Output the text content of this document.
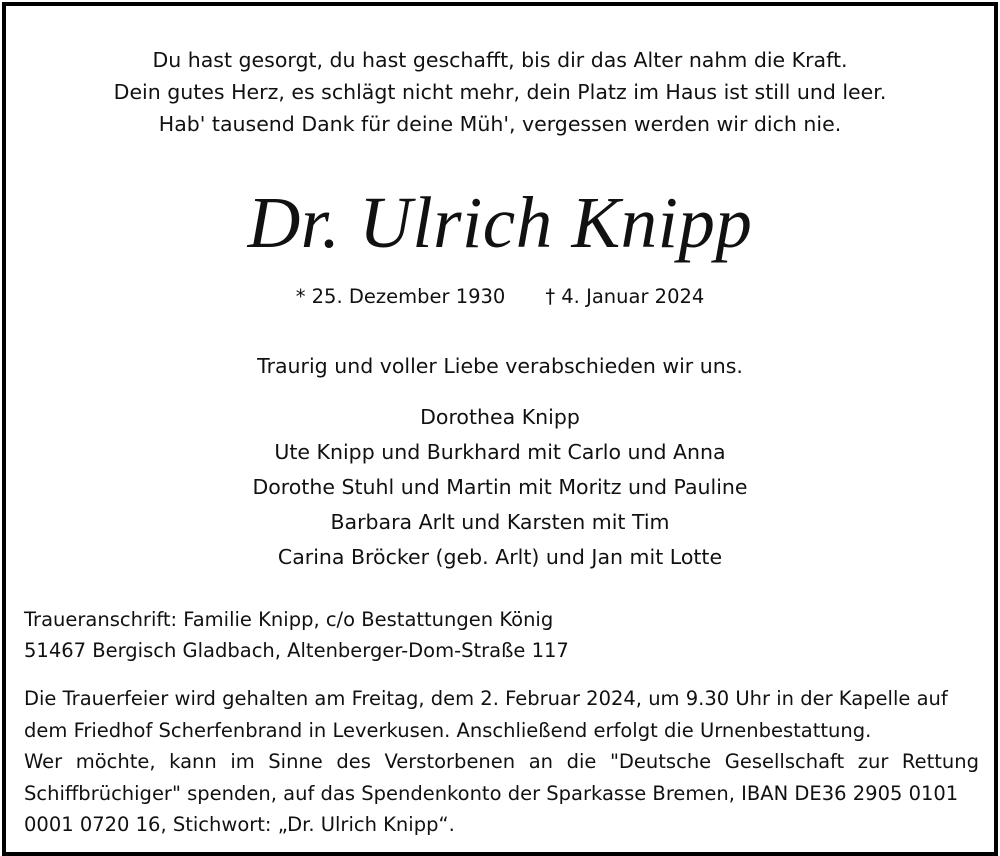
Du hast gesorgt, du hast geschafft, bis dir das Alter nahm die Kraft.
Dein gutes Herz, es schlägt nicht mehr, dein Platz im Haus ist still und leer.
Hab' tausend Dank für deine Müh', vergessen werden wir dich nie.
Dr. Ulrich Knipp
* 25. Dezember 1930 † 4. Januar 2024
Traurig und voller Liebe verabschieden wir uns.
Dorothea Knipp
Ute Knipp und Burkhard mit Carlo und Anna
Dorothe Stuhl und Martin mit Moritz und Pauline
Barbara Arlt und Karsten mit Tim
Carina Bröcker (geb. Arlt) und Jan mit Lotte
Traueranschrift: Familie Knipp, c/o Bestattungen König
51467 Bergisch Gladbach, Altenberger-Dom-Straße 117
Die Trauerfeier wird gehalten am Freitag, dem 2. Februar 2024, um 9.30 Uhr in der Kapelle auf
dem Friedhof Scherfenbrand in Leverkusen. Anschließend erfolgt die Urnenbestattung.
Wer möchte, kann im Sinne des Verstorbenen an die "Deutsche Gesellschaft zur Rettung
Schiffbrüchiger" spenden, auf das Spendenkonto der Sparkasse Bremen, IBAN DE36 2905 0101
0001 0720 16, Stichwort: „Dr. Ulrich Knipp“.
